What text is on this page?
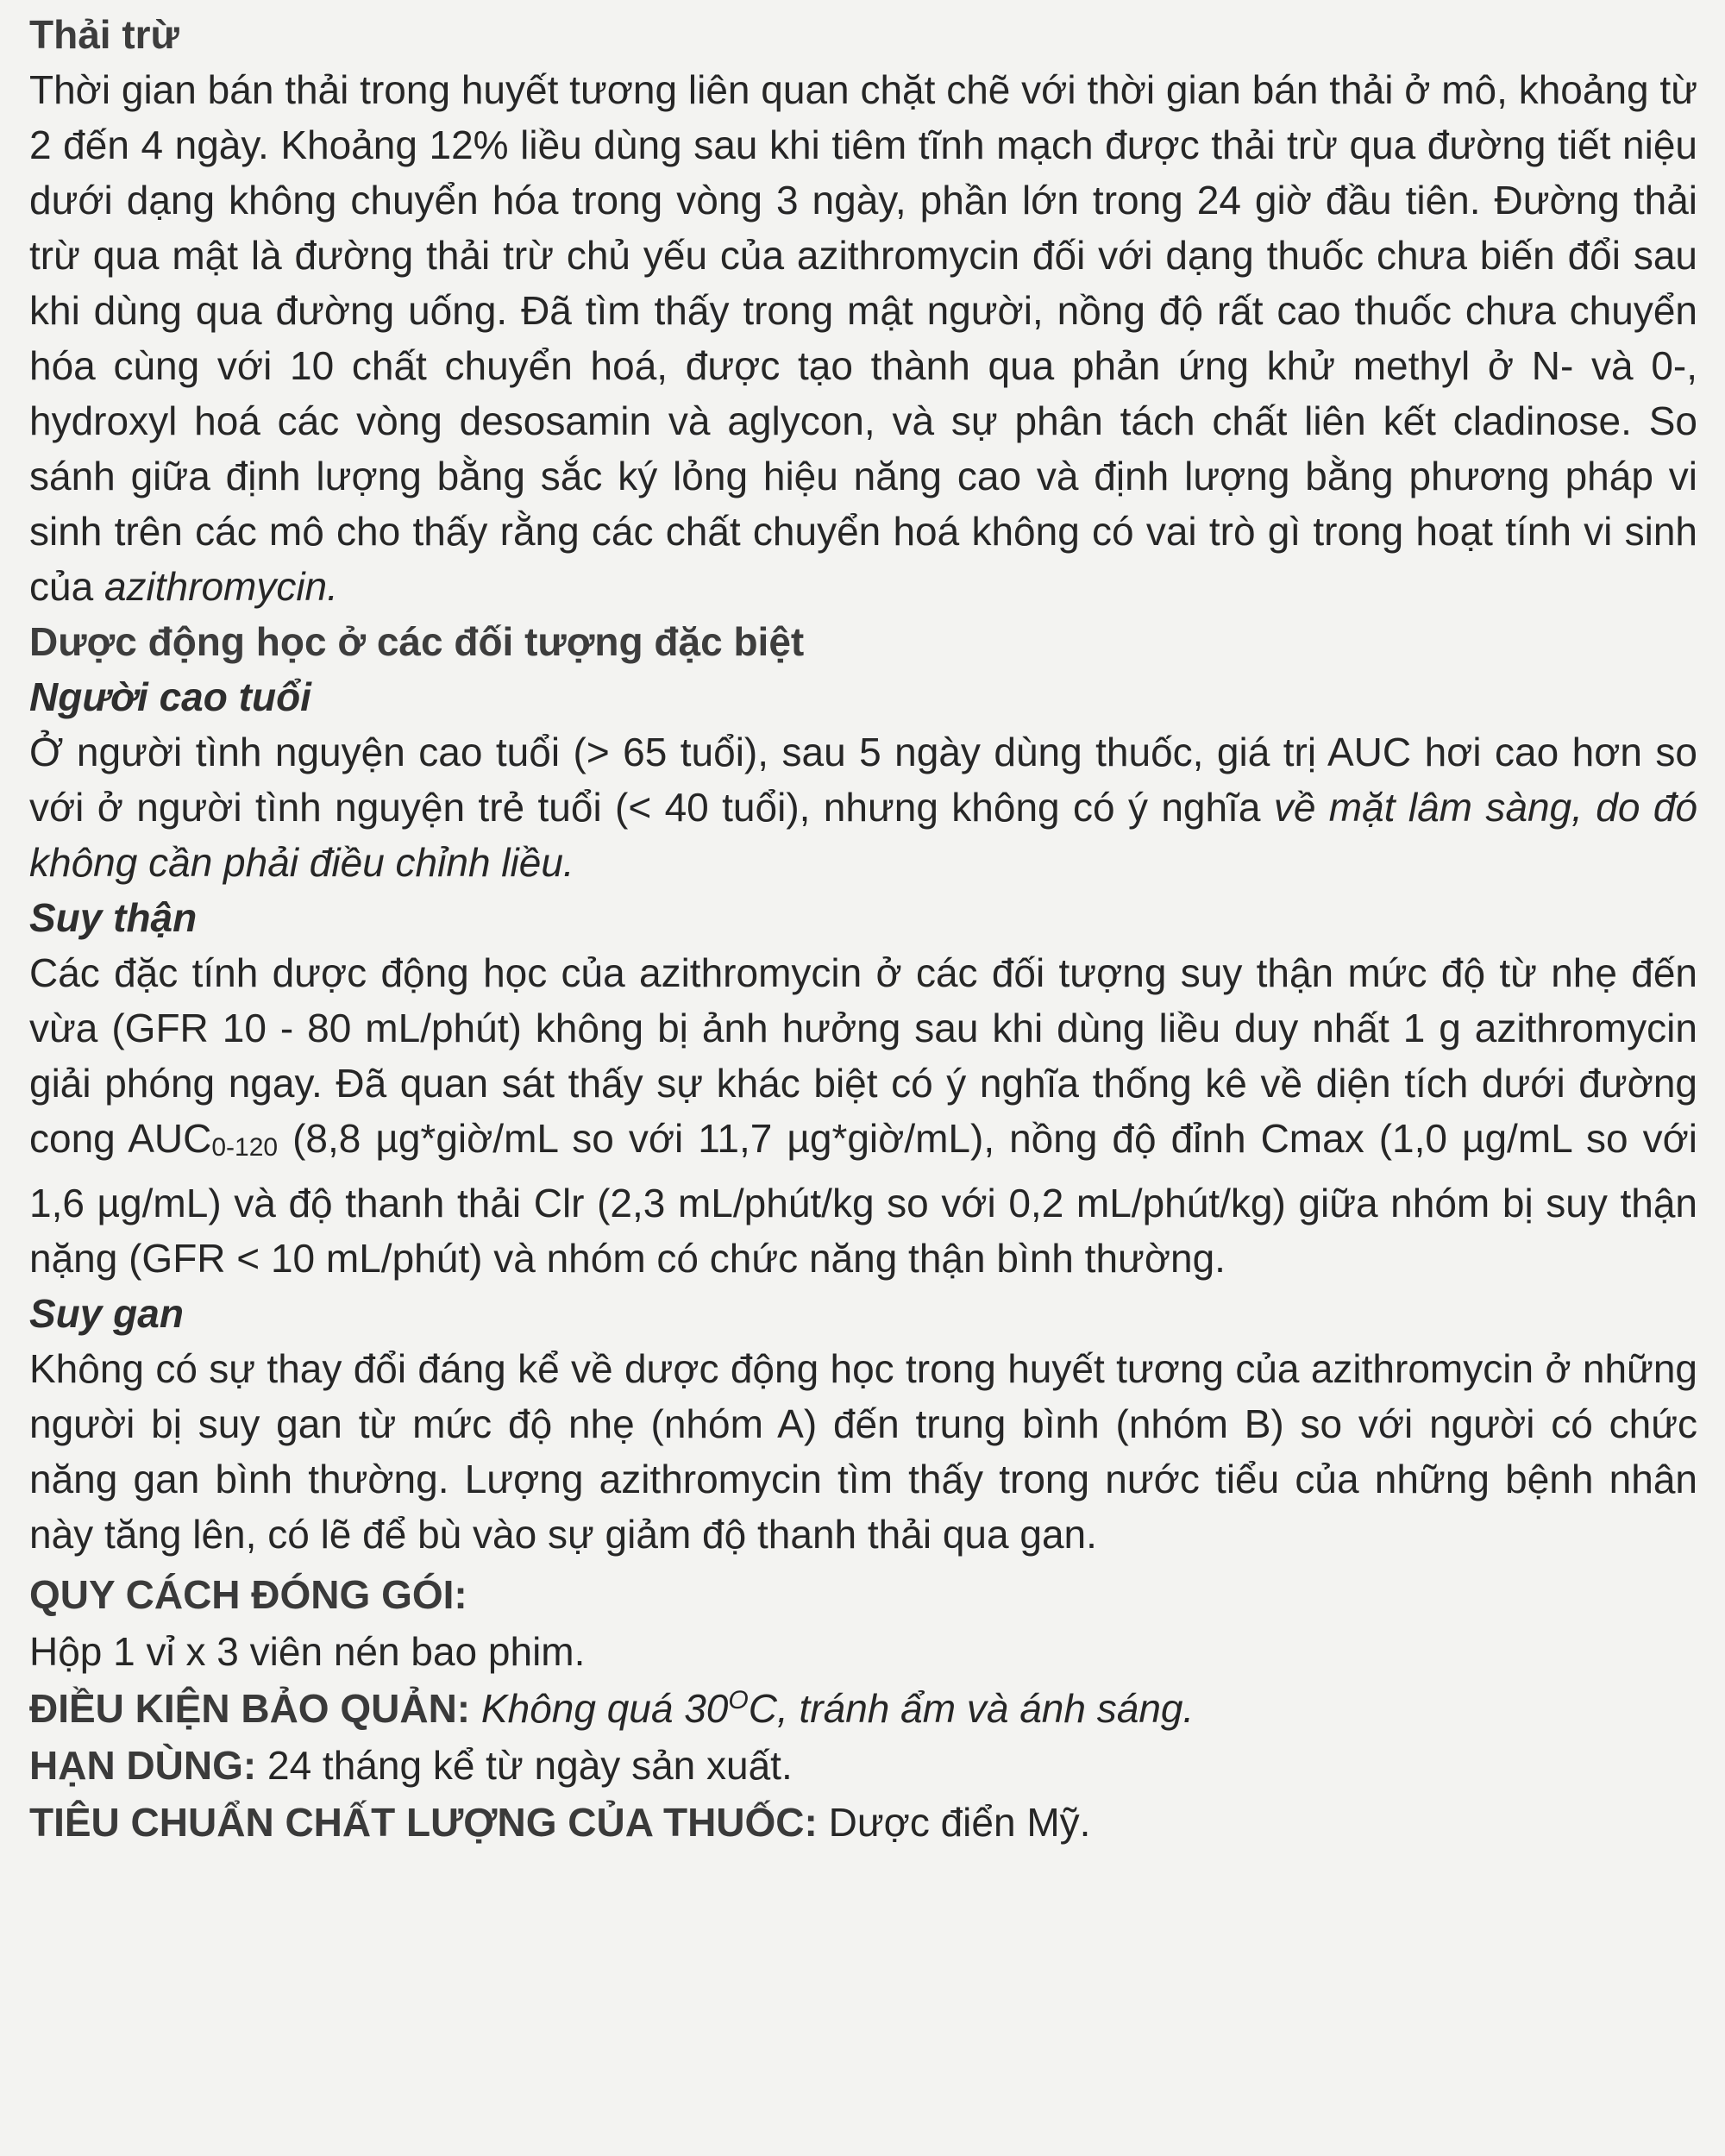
Thải trừ

Thời gian bán thải trong huyết tương liên quan chặt chẽ với thời gian bán thải ở mô, khoảng từ 2 đến 4 ngày. Khoảng 12% liều dùng sau khi tiêm tĩnh mạch được thải trừ qua đường tiết niệu dưới dạng không chuyển hóa trong vòng 3 ngày, phần lớn trong 24 giờ đầu tiên. Đường thải trừ qua mật là đường thải trừ chủ yếu của azithromycin đối với dạng thuốc chưa biến đổi sau khi dùng qua đường uống. Đã tìm thấy trong mật người, nồng độ rất cao thuốc chưa chuyển hóa cùng với 10 chất chuyển hoá, được tạo thành qua phản ứng khử methyl ở N- và 0-, hydroxyl hoá các vòng desosamin và aglycon, và sự phân tách chất liên kết cladinose. So sánh giữa định lượng bằng sắc ký lỏng hiệu năng cao và định lượng bằng phương pháp vi sinh trên các mô cho thấy rằng các chất chuyển hoá không có vai trò gì trong hoạt tính vi sinh của azithromycin.

Dược động học ở các đối tượng đặc biệt
Người cao tuổi

Ở người tình nguyện cao tuổi (> 65 tuổi), sau 5 ngày dùng thuốc, giá trị AUC hơi cao hơn so với ở người tình nguyện trẻ tuổi (< 40 tuổi), nhưng không có ý nghĩa về mặt lâm sàng, do đó không cần phải điều chỉnh liều.

Suy thận

Các đặc tính dược động học của azithromycin ở các đối tượng suy thận mức độ từ nhẹ đến vừa (GFR 10 - 80 mL/phút) không bị ảnh hưởng sau khi dùng liều duy nhất 1 g azithromycin giải phóng ngay. Đã quan sát thấy sự khác biệt có ý nghĩa thống kê về diện tích dưới đường cong $AUC_{0-120}$ (8,8 µg*giờ/mL so với 11,7 µg*giờ/mL), nồng độ đỉnh Cmax (1,0 µg/mL so với 1,6 µg/mL) và độ thanh thải Clr (2,3 mL/phút/kg so với 0,2 mL/phút/kg) giữa nhóm bị suy thận nặng (GFR < 10 mL/phút) và nhóm có chức năng thận bình thường.

Suy gan

Không có sự thay đổi đáng kể về dược động học trong huyết tương của azithromycin ở những người bị suy gan từ mức độ nhẹ (nhóm A) đến trung bình (nhóm B) so với người có chức năng gan bình thường. Lượng azithromycin tìm thấy trong nước tiểu của những bệnh nhân này tăng lên, có lẽ để bù vào sự giảm độ thanh thải qua gan.

QUY CÁCH ĐÓNG GÓI:

Hộp 1 vỉ x 3 viên nén bao phim.

ĐIỀU KIỆN BẢO QUẢN: Không quá $30^OC$, tránh ẩm và ánh sáng.

HẠN DÙNG: 24 tháng kể từ ngày sản xuất.

TIÊU CHUẨN CHẤT LƯỢNG CỦA THUỐC: Dược điển Mỹ.
